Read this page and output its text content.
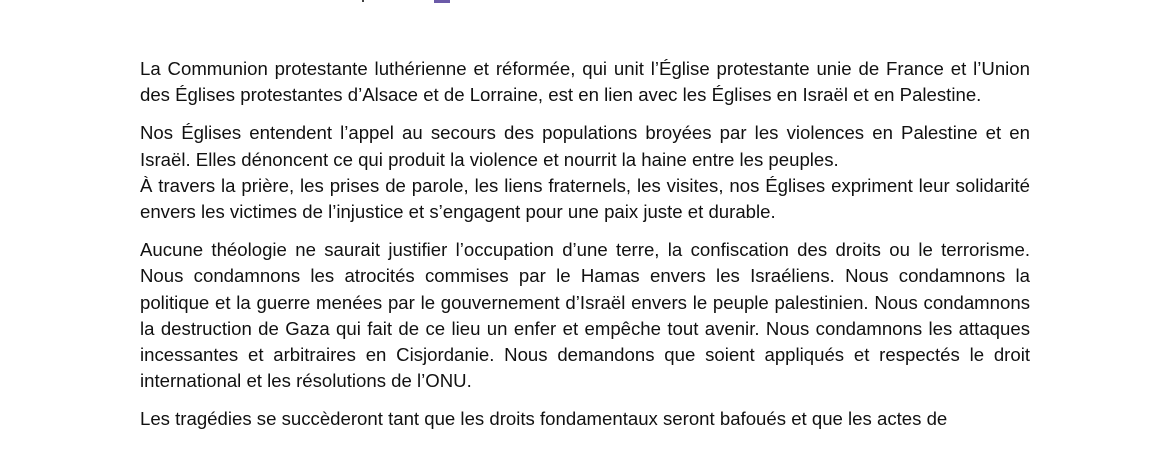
La Communion protestante luthérienne et réformée, qui unit l’Église protestante unie de France et l’Union des Églises protestantes d’Alsace et de Lorraine, est en lien avec les Églises en Israël et en Palestine.

Nos Églises entendent l’appel au secours des populations broyées par les violences en Palestine et en Israël. Elles dénoncent ce qui produit la violence et nourrit la haine entre les peuples.

À travers la prière, les prises de parole, les liens fraternels, les visites, nos Églises expriment leur solidarité envers les victimes de l’injustice et s’engagent pour une paix juste et durable.

Aucune théologie ne saurait justifier l’occupation d’une terre, la confiscation des droits ou le terrorisme. Nous condamnons les atrocités commises par le Hamas envers les Israéliens. Nous condamnons la politique et la guerre menées par le gouvernement d’Israël envers le peuple palestinien. Nous condamnons la destruction de Gaza qui fait de ce lieu un enfer et empêche tout avenir. Nous condamnons les attaques incessantes et arbitraires en Cisjordanie. Nous demandons que soient appliqués et respectés le droit international et les résolutions de l’ONU.

Les tragédies se succèderont tant que les droits fondamentaux seront bafoués et que les actes de
